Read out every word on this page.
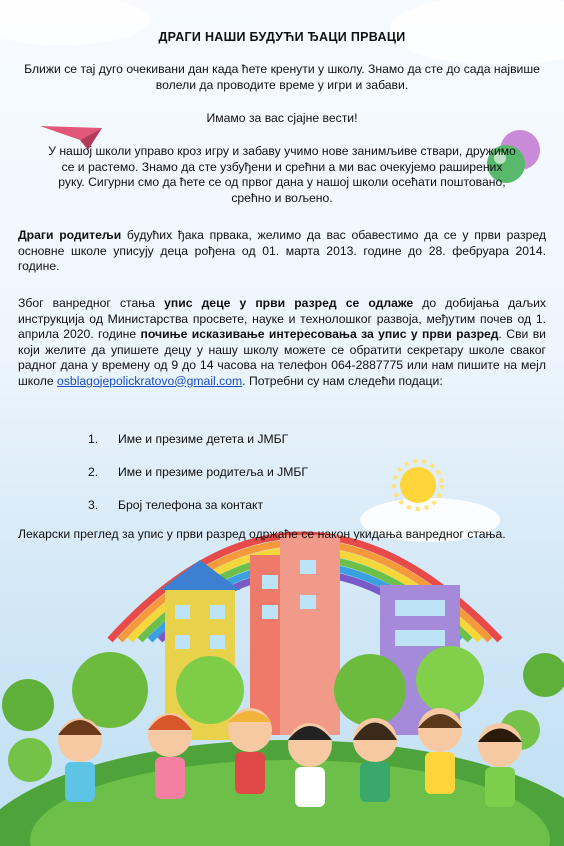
ДРАГИ НАШИ БУДУЋИ ЂАЦИ ПРВАЦИ
Ближи се тај дуго очекивани дан када ћете кренути у школу. Знамо да сте до сада највише волели да проводите време у игри и забави.
Имамо за вас сјајне вести!
У нашој школи управо кроз игру и забаву учимо нове занимљиве ствари, дружимо се и растемо. Знамо да сте узбуђени и срећни а ми вас очекујемо раширених руку. Сигурни смо да ћете се од првог дана у нашој школи осећати поштовано, срећно и вољено.
Драги родитељи будућих ђака првака, желимо да вас обавестимо да се у први разред основне школе уписују деца рођена од 01. марта 2013. године до 28. фебруара 2014. године.
Због ванредног стања упис деце у први разред се одлаже до добијања даљих инструкција од Министарства просвете, науке и технолошког развоја, међутим почев од 1. априла 2020. године почиње исказивање интересовања за упис у први разред. Сви ви који желите да упишете децу у нашу школу можете се обратити секретару школе сваког радног дана у времену од 9 до 14 часова на телефон 064-2887775 или нам пишите на мејл школе osblagojepolickratovo@gmail.com. Потребни су нам следећи подаци:
1. Име и презиме детета и ЈМБГ
2. Име и презиме родитеља и ЈМБГ
3. Број телефона за контакт
Лекарски преглед за упис у први разред одржаће се након укидања ванредног стања.
